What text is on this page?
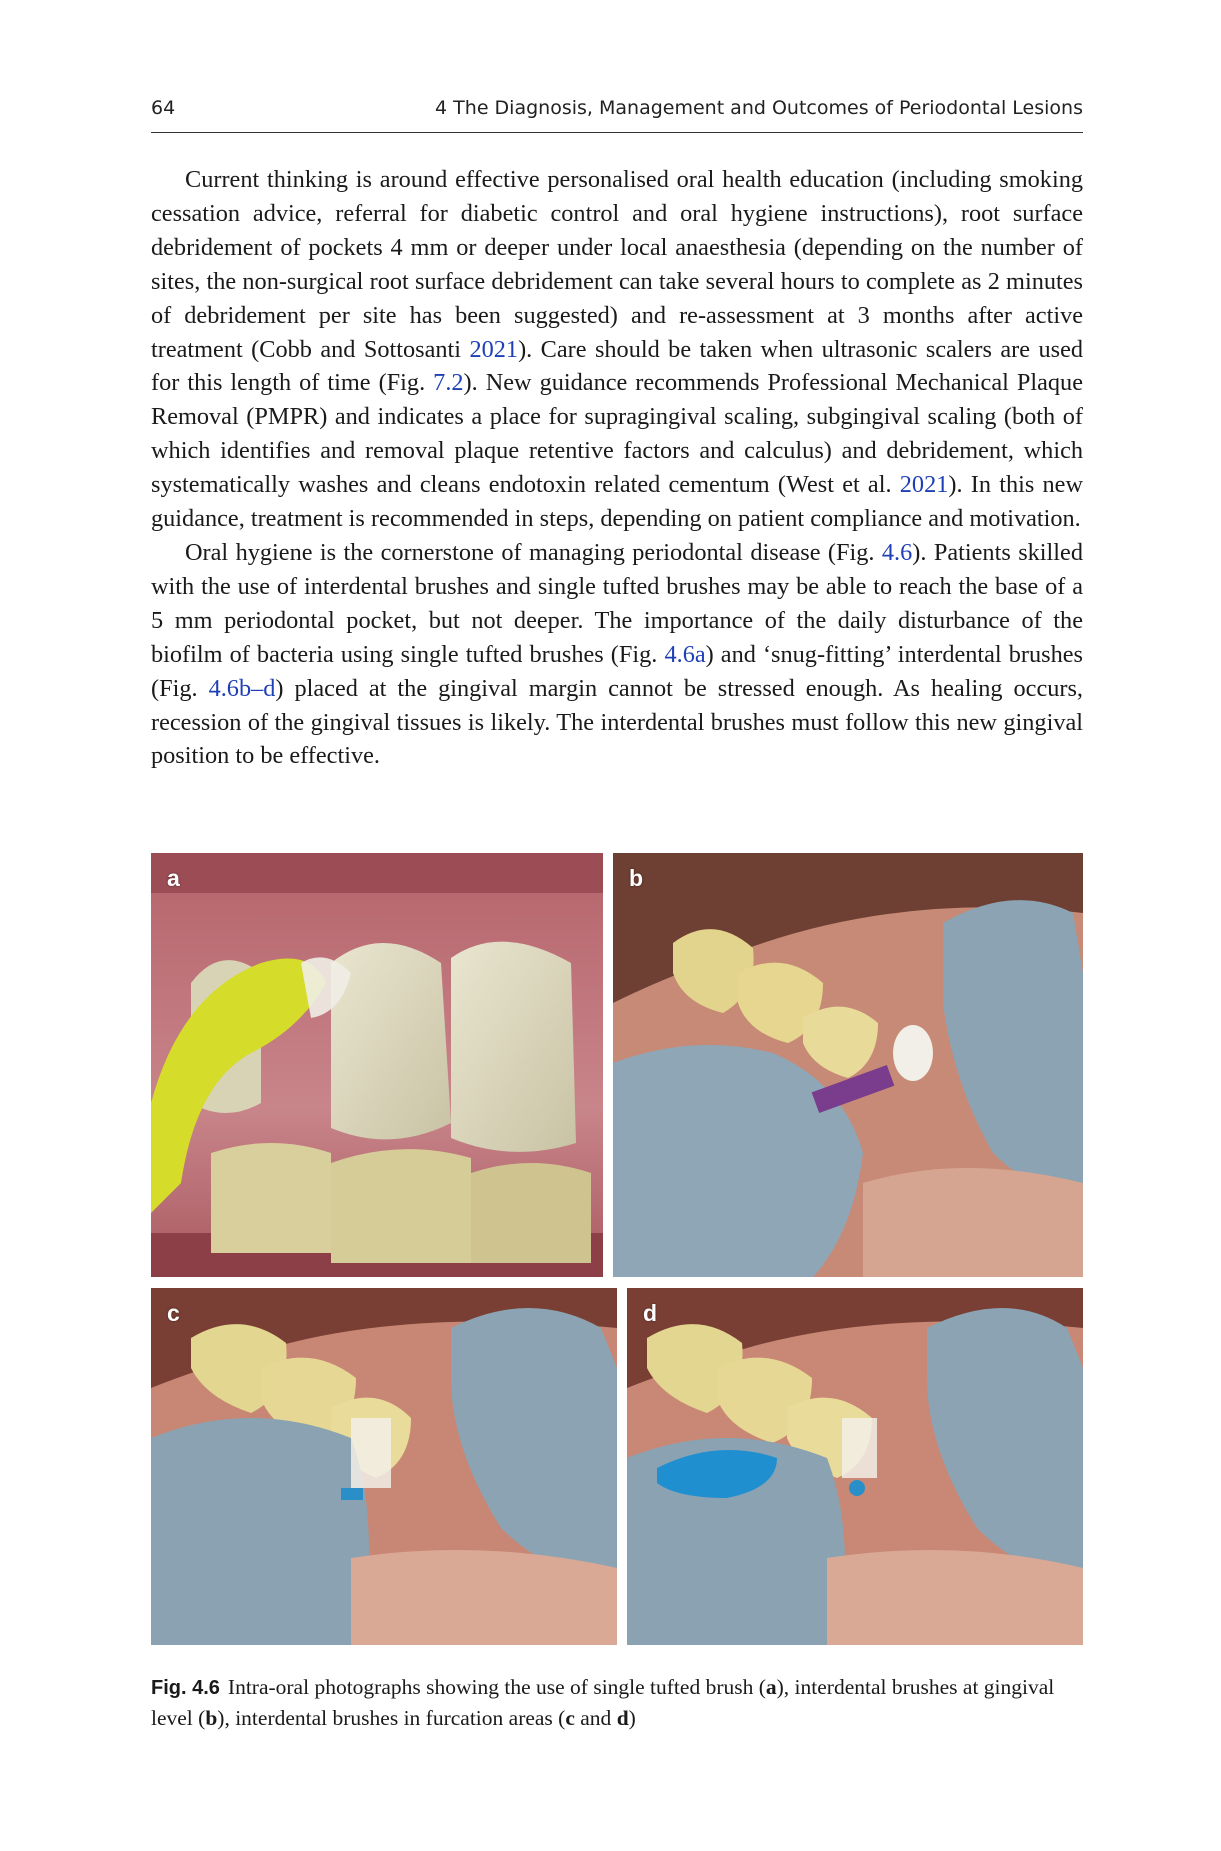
64	4 The Diagnosis, Management and Outcomes of Periodontal Lesions

Current thinking is around effective personalised oral health education (including smoking cessation advice, referral for diabetic control and oral hygiene instructions), root surface debridement of pockets 4 mm or deeper under local anaesthesia (depending on the number of sites, the non-surgical root surface debridement can take several hours to complete as 2 minutes of debridement per site has been suggested) and re-assessment at 3 months after active treatment (Cobb and Sottosanti 2021). Care should be taken when ultrasonic scalers are used for this length of time (Fig. 7.2). New guidance recommends Professional Mechanical Plaque Removal (PMPR) and indicates a place for supragingival scaling, subgingival scaling (both of which identifies and removal plaque retentive factors and calculus) and debridement, which systematically washes and cleans endotoxin related cementum (West et al. 2021). In this new guidance, treatment is recommended in steps, depending on patient compliance and motivation.

Oral hygiene is the cornerstone of managing periodontal disease (Fig. 4.6). Patients skilled with the use of interdental brushes and single tufted brushes may be able to reach the base of a 5 mm periodontal pocket, but not deeper. The importance of the daily disturbance of the biofilm of bacteria using single tufted brushes (Fig. 4.6a) and ‘snug-fitting’ interdental brushes (Fig. 4.6b–d) placed at the gingival margin cannot be stressed enough. As healing occurs, recession of the gingival tissues is likely. The interdental brushes must follow this new gingival position to be effective.

a	b
c	d
Fig. 4.6 Intra-oral photographs showing the use of single tufted brush (a), interdental brushes at gingival level (b), interdental brushes in furcation areas (c and d)
